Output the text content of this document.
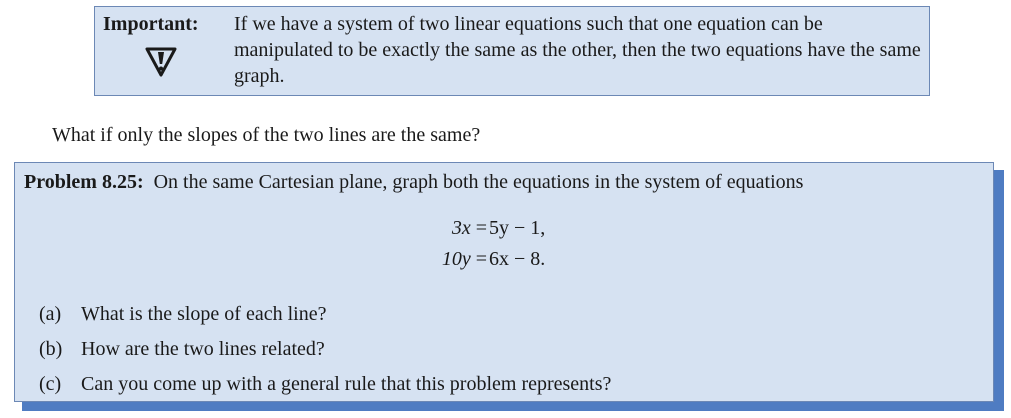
Important: If we have a system of two linear equations such that one equation can be manipulated to be exactly the same as the other, then the two equations have the same graph.

What if only the slopes of the two lines are the same?

Problem 8.25: On the same Cartesian plane, graph both the equations in the system of equations

3x = 5y − 1,
10y = 6x − 8.
(a) What is the slope of each line?
(b) How are the two lines related?
(c) Can you come up with a general rule that this problem represents?
